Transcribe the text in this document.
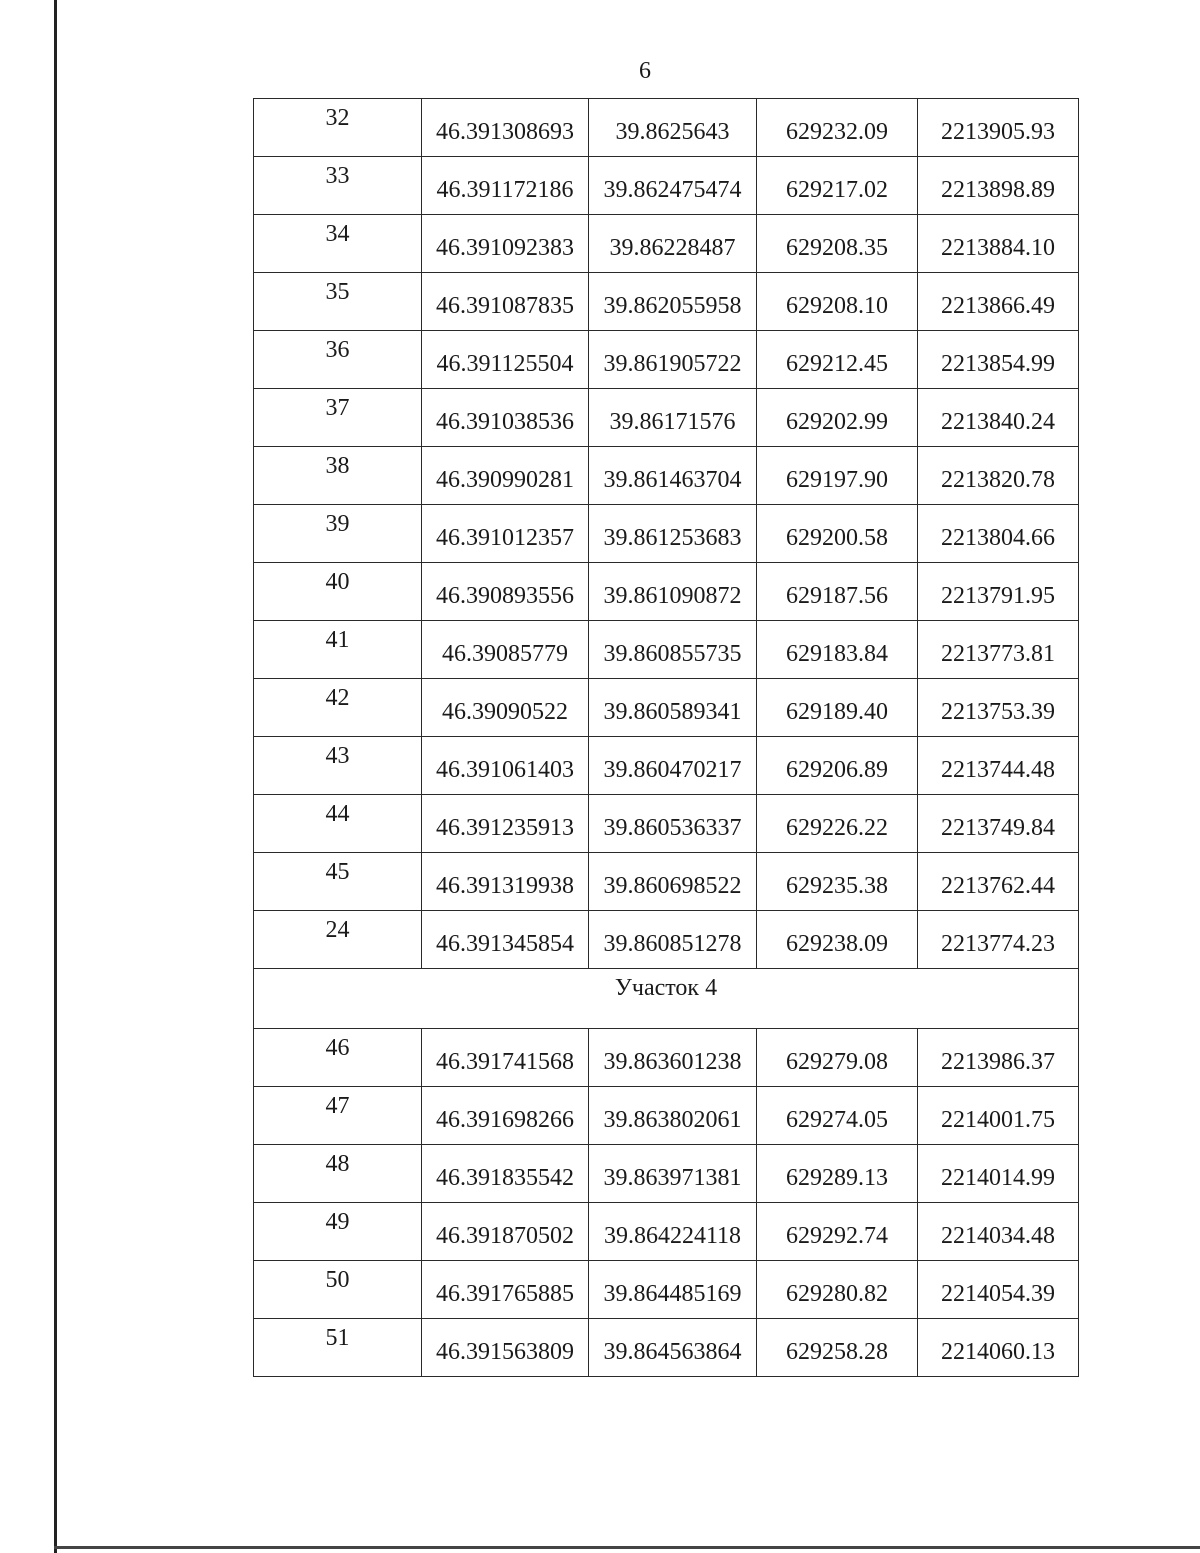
6
32	46.391308693	39.8625643	629232.09	2213905.93
33	46.391172186	39.862475474	629217.02	2213898.89
34	46.391092383	39.86228487	629208.35	2213884.10
35	46.391087835	39.862055958	629208.10	2213866.49
36	46.391125504	39.861905722	629212.45	2213854.99
37	46.391038536	39.86171576	629202.99	2213840.24
38	46.390990281	39.861463704	629197.90	2213820.78
39	46.391012357	39.861253683	629200.58	2213804.66
40	46.390893556	39.861090872	629187.56	2213791.95
41	46.39085779	39.860855735	629183.84	2213773.81
42	46.39090522	39.860589341	629189.40	2213753.39
43	46.391061403	39.860470217	629206.89	2213744.48
44	46.391235913	39.860536337	629226.22	2213749.84
45	46.391319938	39.860698522	629235.38	2213762.44
24	46.391345854	39.860851278	629238.09	2213774.23
Участок 4				
46	46.391741568	39.863601238	629279.08	2213986.37
47	46.391698266	39.863802061	629274.05	2214001.75
48	46.391835542	39.863971381	629289.13	2214014.99
49	46.391870502	39.864224118	629292.74	2214034.48
50	46.391765885	39.864485169	629280.82	2214054.39
51	46.391563809	39.864563864	629258.28	2214060.13
